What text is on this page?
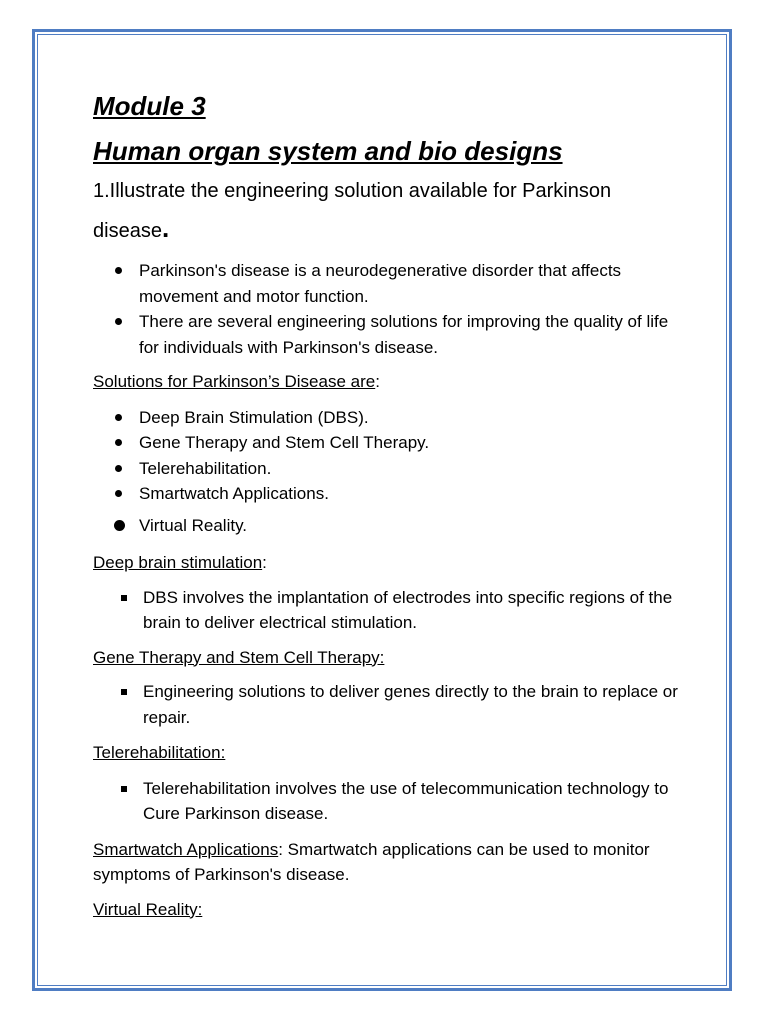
Module 3
Human organ system and bio designs

1.Illustrate the engineering solution available for Parkinson disease.

Parkinson's disease is a neurodegenerative disorder that affects movement and motor function.
There are several engineering solutions for improving the quality of life for individuals with Parkinson's disease.

Solutions for Parkinson’s Disease are:

Deep Brain Stimulation (DBS).
Gene Therapy and Stem Cell Therapy.
Telerehabilitation.
Smartwatch Applications.
Virtual Reality.

Deep brain stimulation:

DBS involves the implantation of electrodes into specific regions of the brain to deliver electrical stimulation.

Gene Therapy and Stem Cell Therapy:

Engineering solutions to deliver genes directly to the brain to replace or repair.

Telerehabilitation:

Telerehabilitation involves the use of telecommunication technology to Cure Parkinson disease.

Smartwatch Applications: Smartwatch applications can be used to monitor symptoms of Parkinson's disease.

Virtual Reality:
